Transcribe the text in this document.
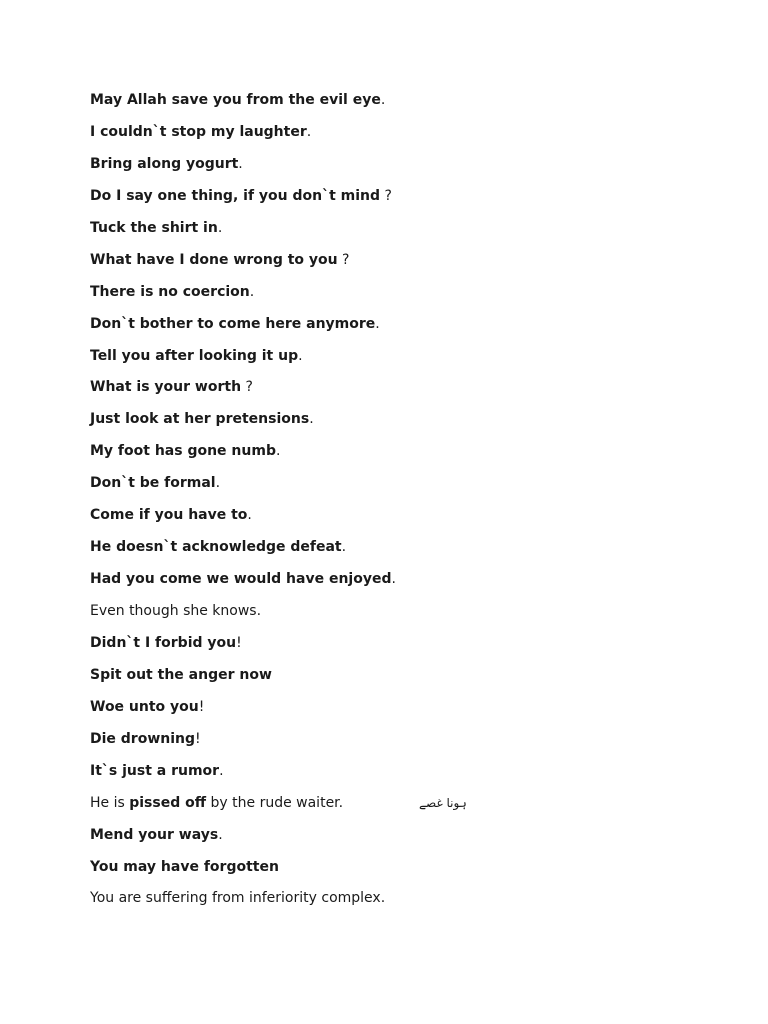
May Allah save you from the evil eye.
I couldn`t stop my laughter.
Bring along yogurt.
Do I say one thing, if you don`t mind ?
Tuck the shirt in.
What have I done wrong to you ?
There is no coercion.
Don`t bother to come here anymore.
Tell you after looking it up.
What is your worth ?
Just look at her pretensions.
My foot has gone numb.
Don`t be formal.
Come if you have to.
He doesn`t acknowledge defeat.
Had you come we would have enjoyed.
Even though she knows.
Didn`t I forbid you!
Spit out the anger now
Woe unto you!
Die drowning!
It`s just a rumor.
He is pissed off by the rude waiter.	ہونا غصے
Mend your ways.
You may have forgotten
You are suffering from inferiority complex.
